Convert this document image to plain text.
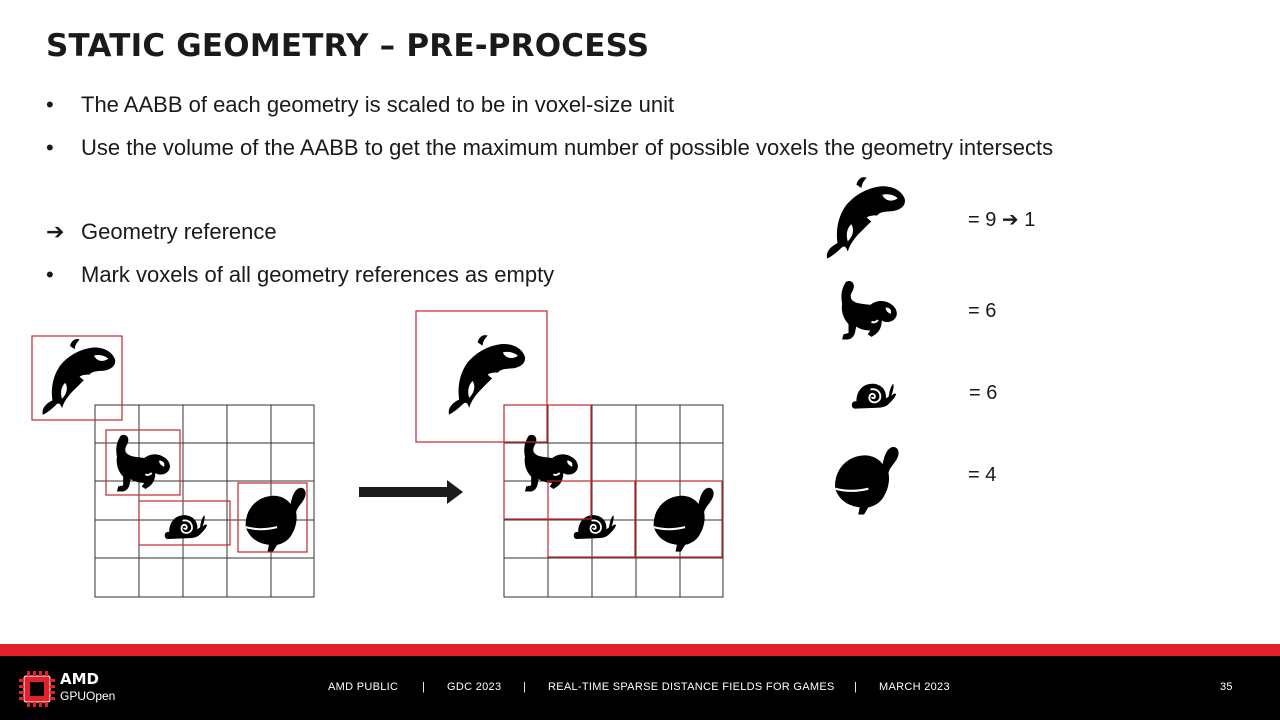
STATIC GEOMETRY – PRE-PROCESS
•	The AABB of each geometry is scaled to be in voxel-size unit
•	Use the volume of the AABB to get the maximum number of possible voxels the geometry intersects
➔ Geometry reference
•	Mark voxels of all geometry references as empty
= 9 ➔ 1
= 6
= 6
= 4
AMD
GPUOpen
AMD PUBLIC | GDC 2023 | REAL-TIME SPARSE DISTANCE FIELDS FOR GAMES | MARCH 2023	35
